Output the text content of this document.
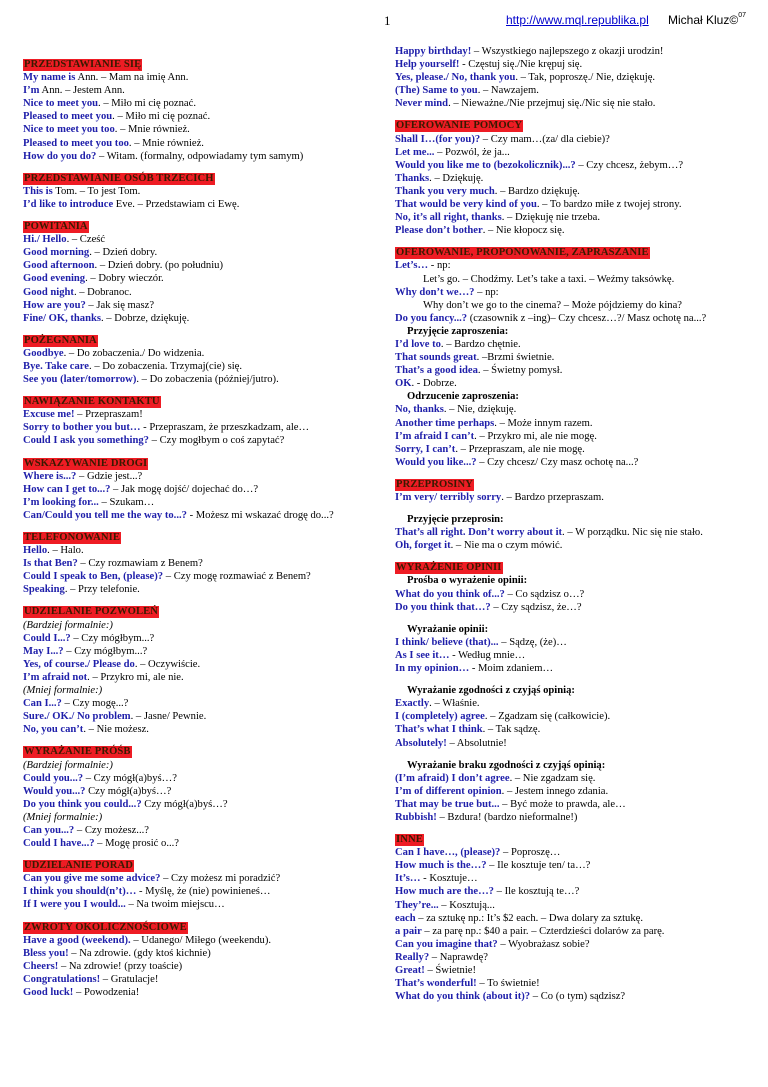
1	http://www.mql.republika.pl Michał Kluz©$^{07}$
PRZEDSTAWIANIE SIĘ
My name is Ann. – Mam na imię Ann.
I’m Ann. – Jestem Ann.
Nice to meet you. – Miło mi cię poznać.
Pleased to meet you. – Miło mi cię poznać.
Nice to meet you too. – Mnie również.
Pleased to meet you too. – Mnie również.
How do you do? – Witam. (formalny, odpowiadamy tym samym)
PRZEDSTAWIANIE OSÓB TRZECICH
This is Tom. – To jest Tom.
I’d like to introduce Eve. – Przedstawiam ci Ewę.
POWITANIA
Hi./ Hello. – Cześć
Good morning. – Dzień dobry.
Good afternoon. – Dzień dobry. (po południu)
Good evening. – Dobry wieczór.
Good night. – Dobranoc.
How are you? – Jak się masz?
Fine/ OK, thanks. – Dobrze, dziękuję.
POŻEGNANIA
Goodbye. – Do zobaczenia./ Do widzenia.
Bye. Take care. – Do zobaczenia. Trzymaj(cie) się.
See you (later/tomorrow). – Do zobaczenia (później/jutro).
NAWIĄZANIE KONTAKTU
Excuse me! – Przepraszam!
Sorry to bother you but… - Przepraszam, że przeszkadzam, ale…
Could I ask you something? – Czy mogłbym o coś zapytać?
WSKAZYWANIE DROGI
Where is...? – Gdzie jest...?
How can I get to...? – Jak mogę dojść/ dojechać do…?
I’m looking for... – Szukam…
Can/Could you tell me the way to...? - Możesz mi wskazać drogę do...?
TELEFONOWANIE
Hello. – Halo.
Is that Ben? – Czy rozmawiam z Benem?
Could I speak to Ben, (please)? – Czy mogę rozmawiać z Benem?
Speaking. – Przy telefonie.
UDZIELANIE POZWOLEŃ
(Bardziej formalnie:)
Could I...? – Czy mógłbym...?
May I...? – Czy mógłbym...?
Yes, of course./ Please do. – Oczywiście.
I’m afraid not. – Przykro mi, ale nie.
(Mniej formalnie:)
Can I...? – Czy mogę...?
Sure./ OK./ No problem. – Jasne/ Pewnie.
No, you can’t. – Nie możesz.
WYRAŻANIE PRÓŚB
(Bardziej formalnie:)
Could you...? – Czy mógł(a)byś…?
Would you...? Czy mógł(a)byś…?
Do you think you could...? Czy mógł(a)byś…?
(Mniej formalnie:)
Can you...? – Czy możesz...?
Could I have...? – Mogę prosić o...?
UDZIELANIE PORAD
Can you give me some advice? – Czy możesz mi poradzić?
I think you should(n’t)… - Myślę, że (nie) powinieneś…
If I were you I would... – Na twoim miejscu…
ZWROTY OKOLICZNOŚCIOWE
Have a good (weekend). – Udanego/ Miłego (weekendu).
Bless you! – Na zdrowie. (gdy ktoś kichnie)
Cheers! – Na zdrowie! (przy toaście)
Congratulations! – Gratulacje!
Good luck! – Powodzenia!
Happy birthday! – Wszystkiego najlepszego z okazji urodzin!
Help yourself! - Częstuj się./Nie krępuj się.
Yes, please./ No, thank you. – Tak, poproszę./ Nie, dziękuję.
(The) Same to you. – Nawzajem.
Never mind. – Nieważne./Nie przejmuj się./Nic się nie stało.
OFEROWANIE POMOCY
Shall I…(for you)? – Czy mam…(za/ dla ciebie)?
Let me... – Pozwól, że ja...
Would you like me to (bezokolicznik)...? – Czy chcesz, żebym…?
Thanks. – Dziękuję.
Thank you very much. – Bardzo dziękuję.
That would be very kind of you. – To bardzo miłe z twojej strony.
No, it’s all right, thanks. – Dziękuję nie trzeba.
Please don’t bother. – Nie kłopocz się.
OFEROWANIE, PROPONOWANIE, ZAPRASZANIE
Let’s… - np:
Let’s go. – Chodźmy. Let’s take a taxi. – Weźmy taksówkę.
Why don’t we…? – np:
Why don’t we go to the cinema? – Może pójdziemy do kina?
Do you fancy...? (czasownik z –ing)– Czy chcesz…?/ Masz ochotę na...?
Przyjęcie zaproszenia:
I’d love to. – Bardzo chętnie.
That sounds great. –Brzmi świetnie.
That’s a good idea. – Świetny pomysł.
OK. - Dobrze.
Odrzucenie zaproszenia:
No, thanks. – Nie, dziękuję.
Another time perhaps. – Może innym razem.
I’m afraid I can’t. – Przykro mi, ale nie mogę.
Sorry, I can’t. – Przepraszam, ale nie mogę.
Would you like...? – Czy chcesz/ Czy masz ochotę na...?
PRZEPROSINY
I’m very/ terribly sorry. – Bardzo przepraszam.
Przyjęcie przeprosin:
That’s all right. Don’t worry about it. – W porządku. Nic się nie stało.
Oh, forget it. – Nie ma o czym mówić.
WYRAŻENIE OPINII
Prośba o wyrażenie opinii:
What do you think of...? – Co sądzisz o…?
Do you think that…? – Czy sądzisz, że…?
Wyrażanie opinii:
I think/ believe (that)... – Sądzę, (że)…
As I see it… - Według mnie…
In my opinion… - Moim zdaniem…
Wyrażanie zgodności z czyjąś opinią:
Exactly. – Właśnie.
I (completely) agree. – Zgadzam się (całkowicie).
That’s what I think. – Tak sądzę.
Absolutely! – Absolutnie!
Wyrażanie braku zgodności z czyjąś opinią:
(I’m afraid) I don’t agree. – Nie zgadzam się.
I’m of different opinion. – Jestem innego zdania.
That may be true but... – Być może to prawda, ale…
Rubbish! – Bzdura! (bardzo nieformalne!)
INNE
Can I have…, (please)? – Poproszę…
How much is the…? – Ile kosztuje ten/ ta…?
It’s… - Kosztuje…
How much are the…? – Ile kosztują te…?
They’re... – Kosztują...
each – za sztukę np.: It’s $2 each. – Dwa dolary za sztukę.
a pair – za parę np.: $40 a pair. – Czterdzieści dolarów za parę.
Can you imagine that? – Wyobrażasz sobie?
Really? – Naprawdę?
Great! – Świetnie!
That’s wonderful! – To świetnie!
What do you think (about it)? – Co (o tym) sądzisz?
